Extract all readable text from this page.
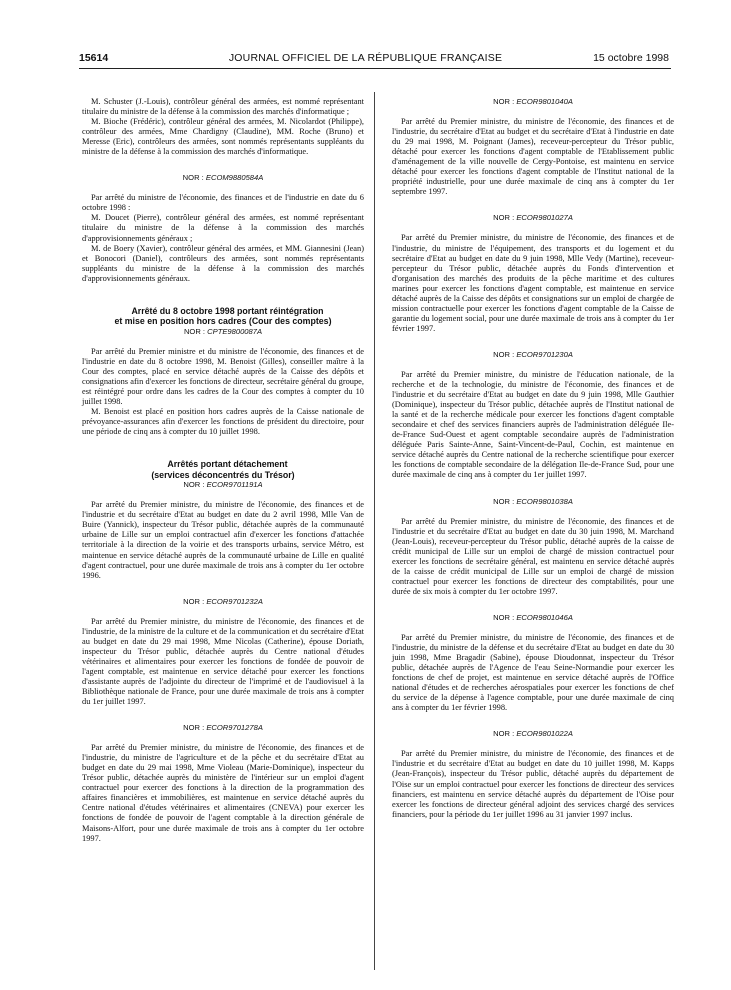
15614	JOURNAL OFFICIEL DE LA RÉPUBLIQUE FRANÇAISE	15 octobre 1998

M. Schuster (J.-Louis), contrôleur général des armées, est nommé représentant titulaire du ministre de la défense à la commission des marchés d'informatique ;

M. Bioche (Frédéric), contrôleur général des armées, M. Nicolardot (Philippe), contrôleur des armées, Mme Chardigny (Claudine), MM. Roche (Bruno) et Meresse (Eric), contrôleurs des armées, sont nommés représentants suppléants du ministre de la défense à la commission des marchés d'informatique.

NOR : ECOM9880584A

Par arrêté du ministre de l'économie, des finances et de l'industrie en date du 6 octobre 1998 :

M. Doucet (Pierre), contrôleur général des armées, est nommé représentant titulaire du ministre de la défense à la commission des marchés d'approvisionnements généraux ;

M. de Boery (Xavier), contrôleur général des armées, et MM. Giannesini (Jean) et Bonocori (Daniel), contrôleurs des armées, sont nommés représentants suppléants du ministre de la défense à la commission des marchés d'approvisionnements généraux.

Arrêté du 8 octobre 1998 portant réintégration
et mise en position hors cadres (Cour des comptes)

NOR : CPTE9800087A

Par arrêté du Premier ministre et du ministre de l'économie, des finances et de l'industrie en date du 8 octobre 1998, M. Benoist (Gilles), conseiller maître à la Cour des comptes, placé en service détaché auprès de la Caisse des dépôts et consignations afin d'exercer les fonctions de directeur, secrétaire général du groupe, est réintégré pour ordre dans les cadres de la Cour des comptes à compter du 10 juillet 1998.

M. Benoist est placé en position hors cadres auprès de la Caisse nationale de prévoyance-assurances afin d'exercer les fonctions de président du directoire, pour une période de cinq ans à compter du 10 juillet 1998.

Arrêtés portant détachement
(services déconcentrés du Trésor)

NOR : ECOR9701191A

Par arrêté du Premier ministre, du ministre de l'économie, des finances et de l'industrie et du secrétaire d'Etat au budget en date du 2 avril 1998, Mlle Van de Buire (Yannick), inspecteur du Trésor public, détachée auprès de la communauté urbaine de Lille sur un emploi contractuel afin d'exercer les fonctions d'attachée territoriale à la direction de la voirie et des transports urbains, service Métro, est maintenue en service détaché auprès de la communauté urbaine de Lille en qualité d'agent contractuel, pour une durée maximale de trois ans à compter du 1er octobre 1996.

NOR : ECOR9701232A

Par arrêté du Premier ministre, du ministre de l'économie, des finances et de l'industrie, de la ministre de la culture et de la communication et du secrétaire d'Etat au budget en date du 29 mai 1998, Mme Nicolas (Catherine), épouse Doriath, inspecteur du Trésor public, détachée auprès du Centre national d'études vétérinaires et alimentaires pour exercer les fonctions de fondée de pouvoir de l'agent comptable, est maintenue en service détaché pour exercer les fonctions d'assistante auprès de l'adjointe du directeur de l'imprimé et de l'audiovisuel à la Bibliothèque nationale de France, pour une durée maximale de trois ans à compter du 1er juillet 1997.

NOR : ECOR9701278A

Par arrêté du Premier ministre, du ministre de l'économie, des finances et de l'industrie, du ministre de l'agriculture et de la pêche et du secrétaire d'Etat au budget en date du 29 mai 1998, Mme Violeau (Marie-Dominique), inspecteur du Trésor public, détachée auprès du ministère de l'intérieur sur un emploi d'agent contractuel pour exercer des fonctions à la direction de la programmation des affaires financières et immobilières, est maintenue en service détaché auprès du Centre national d'études vétérinaires et alimentaires (CNEVA) pour exercer les fonctions de fondée de pouvoir de l'agent comptable à la direction générale de Maisons-Alfort, pour une durée maximale de trois ans à compter du 1er octobre 1997.

NOR : ECOR9801040A

Par arrêté du Premier ministre, du ministre de l'économie, des finances et de l'industrie, du secrétaire d'Etat au budget et du secrétaire d'Etat à l'industrie en date du 29 mai 1998, M. Poignant (James), receveur-percepteur du Trésor public, détaché pour exercer les fonctions d'agent comptable de l'Etablissement public d'aménagement de la ville nouvelle de Cergy-Pontoise, est maintenu en service détaché pour exercer les fonctions d'agent comptable de l'Institut national de la propriété industrielle, pour une durée maximale de cinq ans à compter du 1er septembre 1997.

NOR : ECOR9801027A

Par arrêté du Premier ministre, du ministre de l'économie, des finances et de l'industrie, du ministre de l'équipement, des transports et du logement et du secrétaire d'Etat au budget en date du 9 juin 1998, Mlle Vedy (Martine), receveur-percepteur du Trésor public, détachée auprès du Fonds d'intervention et d'organisation des marchés des produits de la pêche maritime et des cultures marines pour exercer les fonctions d'agent comptable, est maintenue en service détaché auprès de la Caisse des dépôts et consignations sur un emploi de chargée de mission contractuelle pour exercer les fonctions d'agent comptable de la Caisse de garantie du logement social, pour une durée maximale de trois ans à compter du 1er février 1997.

NOR : ECOR9701230A

Par arrêté du Premier ministre, du ministre de l'éducation nationale, de la recherche et de la technologie, du ministre de l'économie, des finances et de l'industrie et du secrétaire d'Etat au budget en date du 9 juin 1998, Mlle Gauthier (Dominique), inspecteur du Trésor public, détachée auprès de l'Institut national de la santé et de la recherche médicale pour exercer les fonctions d'agent comptable secondaire et chef des services financiers auprès de l'administration déléguée Ile-de-France Sud-Ouest et agent comptable secondaire auprès de l'administration déléguée Paris Sainte-Anne, Saint-Vincent-de-Paul, Cochin, est maintenue en service détaché auprès du Centre national de la recherche scientifique pour exercer les fonctions de comptable secondaire de la délégation Ile-de-France Sud, pour une durée maximale de cinq ans à compter du 1er juillet 1997.

NOR : ECOR9801038A

Par arrêté du Premier ministre, du ministre de l'économie, des finances et de l'industrie et du secrétaire d'Etat au budget en date du 30 juin 1998, M. Marchand (Jean-Louis), receveur-percepteur du Trésor public, détaché auprès de la caisse de crédit municipal de Lille sur un emploi de chargé de mission contractuel pour exercer les fonctions de secrétaire général, est maintenu en service détaché auprès de la caisse de crédit municipal de Lille sur un emploi de chargé de mission contractuel pour exercer les fonctions de directeur des comptabilités, pour une durée de six mois à compter du 1er octobre 1997.

NOR : ECOR9801046A

Par arrêté du Premier ministre, du ministre de l'économie, des finances et de l'industrie, du ministre de la défense et du secrétaire d'Etat au budget en date du 30 juin 1998, Mme Bragadir (Sabine), épouse Dioudonnat, inspecteur du Trésor public, détachée auprès de l'Agence de l'eau Seine-Normandie pour exercer les fonctions de chef de projet, est maintenue en service détaché auprès de l'Office national d'études et de recherches aérospatiales pour exercer les fonctions de chef du service de la dépense à l'agence comptable, pour une durée maximale de cinq ans à compter du 1er février 1998.

NOR : ECOR9801022A

Par arrêté du Premier ministre, du ministre de l'économie, des finances et de l'industrie et du secrétaire d'Etat au budget en date du 10 juillet 1998, M. Kapps (Jean-François), inspecteur du Trésor public, détaché auprès du département de l'Oise sur un emploi contractuel pour exercer les fonctions de directeur des services financiers, est maintenu en service détaché auprès du département de l'Oise pour exercer les fonctions de directeur général adjoint des services chargé des services financiers, pour la période du 1er juillet 1996 au 31 janvier 1997 inclus.
